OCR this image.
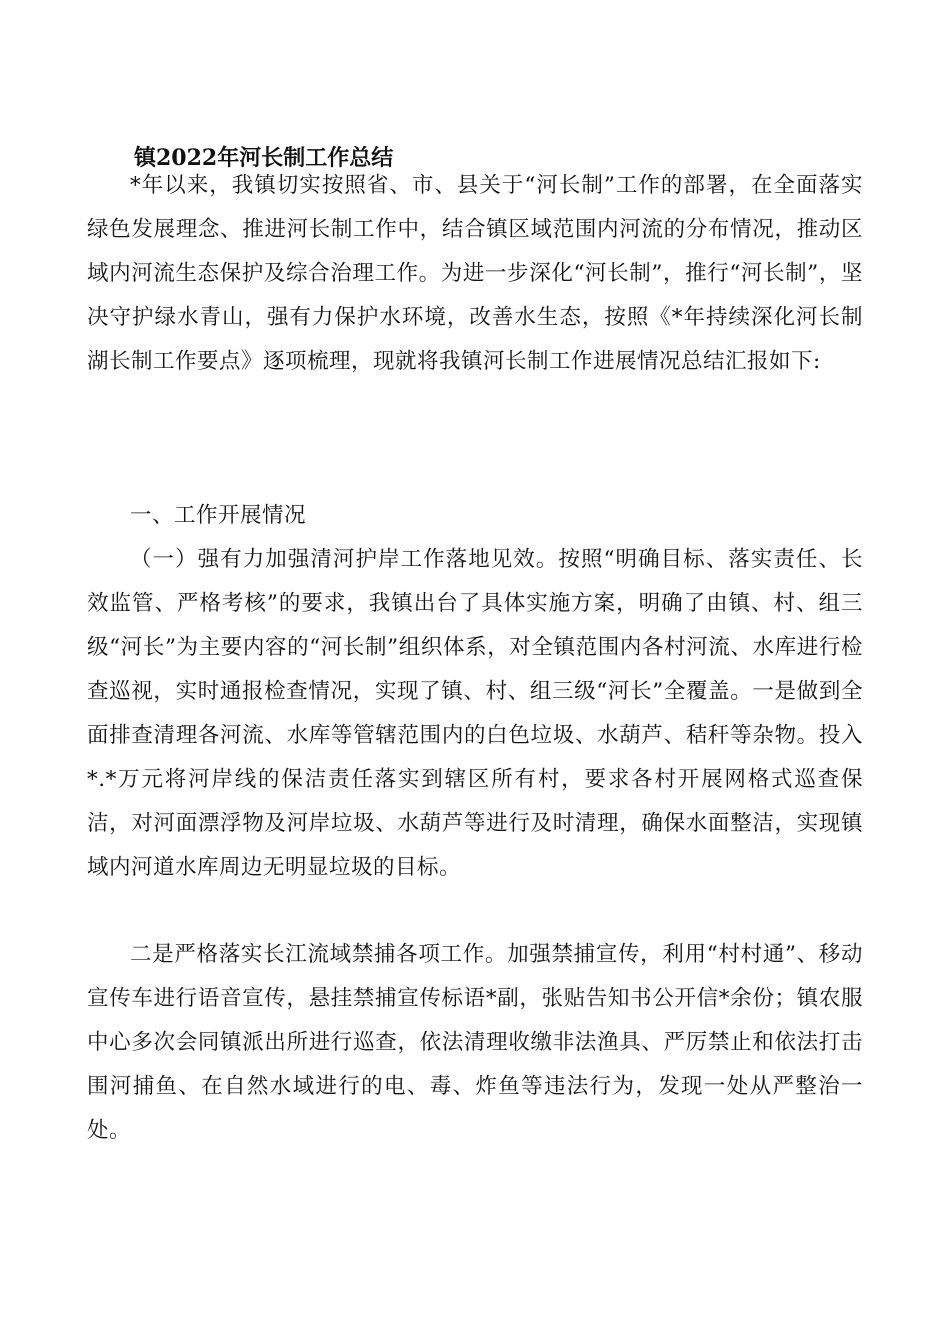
镇2022年河长制工作总结
*年以来，我镇切实按照省、市、县关于“河长制”工作的部署，在全面落实绿色发展理念、推进河长制工作中，结合镇区域范围内河流的分布情况，推动区域内河流生态保护及综合治理工作。为进一步深化“河长制”，推行“河长制”，坚决守护绿水青山，强有力保护水环境，改善水生态，按照《*年持续深化河长制湖长制工作要点》逐项梳理，现就将我镇河长制工作进展情况总结汇报如下:
一、工作开展情况
（一）强有力加强清河护岸工作落地见效。按照“明确目标、落实责任、长效监管、严格考核”的要求，我镇出台了具体实施方案，明确了由镇、村、组三级“河长”为主要内容的“河长制”组织体系，对全镇范围内各村河流、水库进行检查巡视，实时通报检查情况，实现了镇、村、组三级“河长”全覆盖。一是做到全面排查清理各河流、水库等管辖范围内的白色垃圾、水葫芦、秸秆等杂物。投入*.*万元将河岸线的保洁责任落实到辖区所有村，要求各村开展网格式巡查保洁，对河面漂浮物及河岸垃圾、水葫芦等进行及时清理，确保水面整洁，实现镇域内河道水库周边无明显垃圾的目标。
二是严格落实长江流域禁捕各项工作。加强禁捕宣传，利用“村村通”、移动宣传车进行语音宣传，悬挂禁捕宣传标语*副，张贴告知书公开信*余份；镇农服中心多次会同镇派出所进行巡查，依法清理收缴非法渔具、严厉禁止和依法打击围河捕鱼、在自然水域进行的电、毒、炸鱼等违法行为，发现一处从严整治一处。
